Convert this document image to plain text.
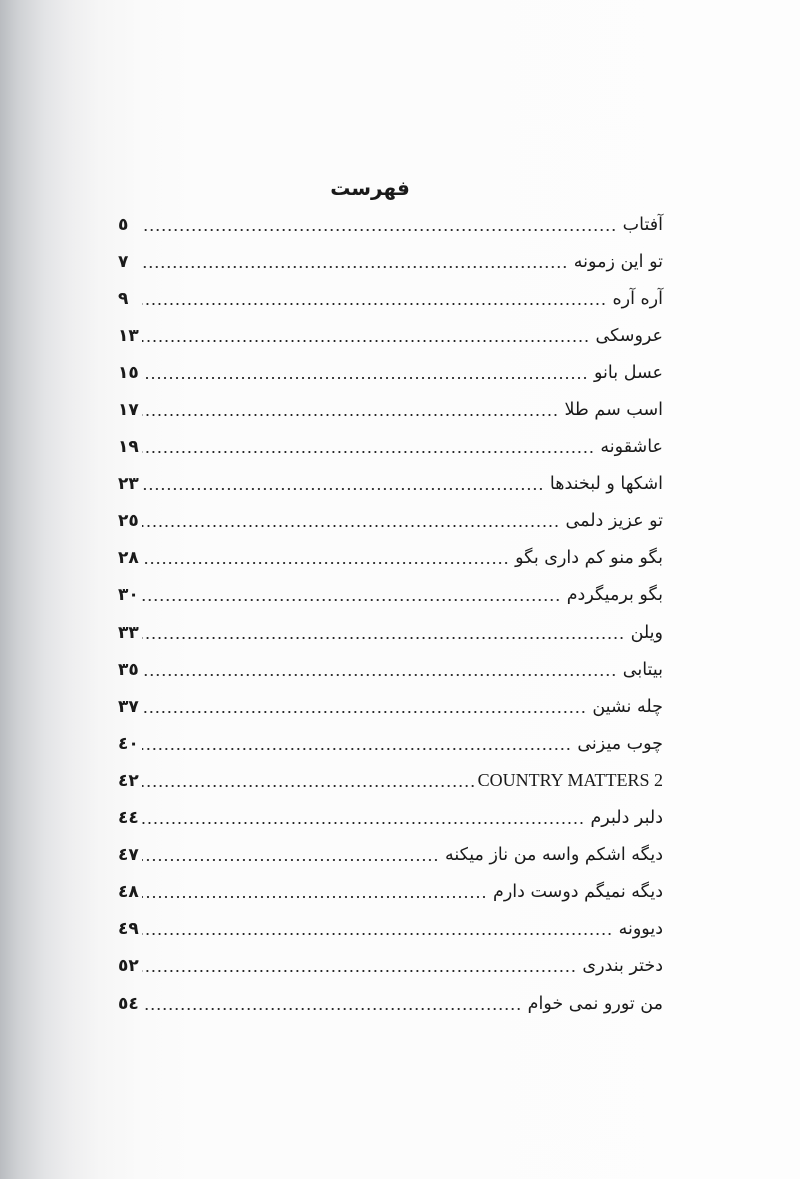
فهرست
آفتاب
٥
تو این زمونه
٧
آره آره
٩
عروسکی
١٣
عسل بانو
١٥
اسب سم طلا
١٧
عاشقونه
١٩
اشکها و لبخندها
٢٣
تو عزیز دلمی
٢٥
بگو منو کم داری بگو
٢٨
بگو برمیگردم
٣٠
ویلن
٣٣
بیتابی
٣٥
چله نشین
٣٧
چوب میزنی
٤٠
COUNTRY MATTERS 2
٤٢
دلبر دلبرم
٤٤
دیگه اشکم واسه من ناز میکنه
٤٧
دیگه نمیگم دوست دارم
٤٨
دیوونه
٤٩
دختر بندری
٥٢
من تورو نمی خوام
٥٤
